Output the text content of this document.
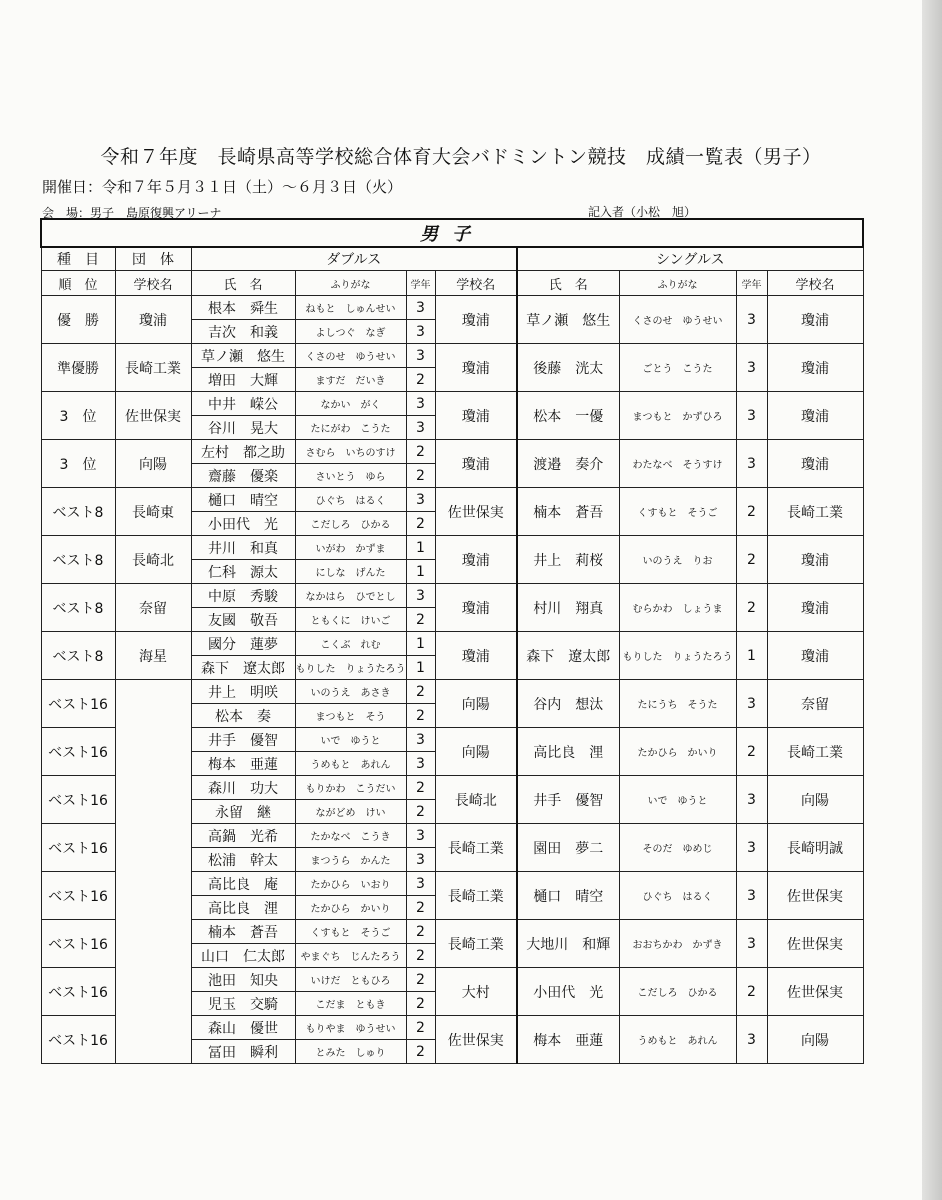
令和７年度　長崎県高等学校総合体育大会バドミントン競技　成績一覧表（男子）
開催日：令和７年５月３１日（土）～６月３日（火）
会　場：男子　島原復興アリーナ	記入者（小松　旭）
男子									
種　目	団　体	ダブルス				シングルス			
順　位	学校名	氏　名	ふりがな	学年	学校名	氏　名	ふりがな	学年	学校名
優　勝	瓊浦	根本　舜生	ねもと　しゅんせい	3	瓊浦	草ノ瀬　悠生	くさのせ　ゆうせい	3	瓊浦
		吉次　和義	よしつぐ　なぎ	3					
準優勝	長崎工業	草ノ瀬　悠生	くさのせ　ゆうせい	3	瓊浦	後藤　洸太	ごとう　こうた	3	瓊浦
		増田　大輝	ますだ　だいき	2					
3　位	佐世保実	中井　嵘公	なかい　がく	3	瓊浦	松本　一優	まつもと　かずひろ	3	瓊浦
		谷川　晃大	たにがわ　こうた	3					
3　位	向陽	左村　都之助	さむら　いちのすけ	2	瓊浦	渡邉　奏介	わたなべ　そうすけ	3	瓊浦
		齋藤　優楽	さいとう　ゆら	2					
ベスト8	長崎東	樋口　晴空	ひぐち　はるく	3	佐世保実	楠本　蒼吾	くすもと　そうご	2	長崎工業
		小田代　光	こだしろ　ひかる	2					
ベスト8	長崎北	井川　和真	いがわ　かずま	1	瓊浦	井上　莉桜	いのうえ　りお	2	瓊浦
		仁科　源太	にしな　げんた	1					
ベスト8	奈留	中原　秀駿	なかはら　ひでとし	3	瓊浦	村川　翔真	むらかわ　しょうま	2	瓊浦
		友國　敬吾	ともくに　けいご	2					
ベスト8	海星	國分　蓮夢	こくぶ　れむ	1	瓊浦	森下　遼太郎	もりした　りょうたろう	1	瓊浦
		森下　遼太郎	もりした　りょうたろう	1					
ベスト16		井上　明咲	いのうえ　あさき	2	向陽	谷内　想汰	たにうち　そうた	3	奈留
		松本　奏	まつもと　そう	2					
ベスト16		井手　優智	いで　ゆうと	3	向陽	高比良　浬	たかひら　かいり	2	長崎工業
		梅本　亜蓮	うめもと　あれん	3					
ベスト16		森川　功大	もりかわ　こうだい	2	長崎北	井手　優智	いで　ゆうと	3	向陽
		永留　継	ながどめ　けい	2					
ベスト16		高鍋　光希	たかなべ　こうき	3	長崎工業	園田　夢二	そのだ　ゆめじ	3	長崎明誠
		松浦　幹太	まつうら　かんた	3					
ベスト16		高比良　庵	たかひら　いおり	3	長崎工業	樋口　晴空	ひぐち　はるく	3	佐世保実
		高比良　浬	たかひら　かいり	2					
ベスト16		楠本　蒼吾	くすもと　そうご	2	長崎工業	大地川　和輝	おおちかわ　かずき	3	佐世保実
		山口　仁太郎	やまぐち　じんたろう	2					
ベスト16		池田　知央	いけだ　ともひろ	2	大村	小田代　光	こだしろ　ひかる	2	佐世保実
		児玉　交騎	こだま　ともき	2					
ベスト16		森山　優世	もりやま　ゆうせい	2	佐世保実	梅本　亜蓮	うめもと　あれん	3	向陽
		冨田　瞬利	とみた　しゅり	2					
